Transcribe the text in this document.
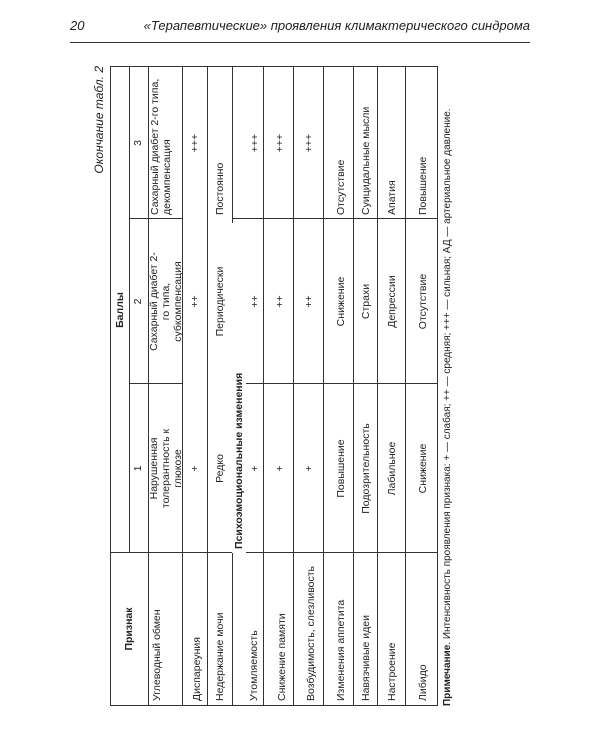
20	«Терапевтические» проявления климактерического синдрома
Окончание табл. 2
Признак
Баллы
1
2
3
Углеводный обмен
Нарушенная толерантность к глюкозе
Сахарный диабет 2-го типа, субкомпенсация
Сахарный диабет 2-го типа, декомпенсация
Диспареуния
+
++
+++
Недержание мочи
Редко
Периодически
Постоянно
Психоэмоциональные изменения
Утомляемость
+
++
+++
Снижение памяти
+
++
+++
Возбудимость, слезливость
+
++
+++
Изменения аппетита
Повышение
Снижение
Отсутствие
Навязчивые идеи
Подозрительность
Страхи
Суицидальные мысли
Настроение
Лабильное
Депрессии
Апатия
Либидо
Снижение
Отсутствие
Повышение
Примечание. Интенсивность проявления признака: + — слабая; ++ — средняя; +++ — сильная; АД — артериальное давление.
